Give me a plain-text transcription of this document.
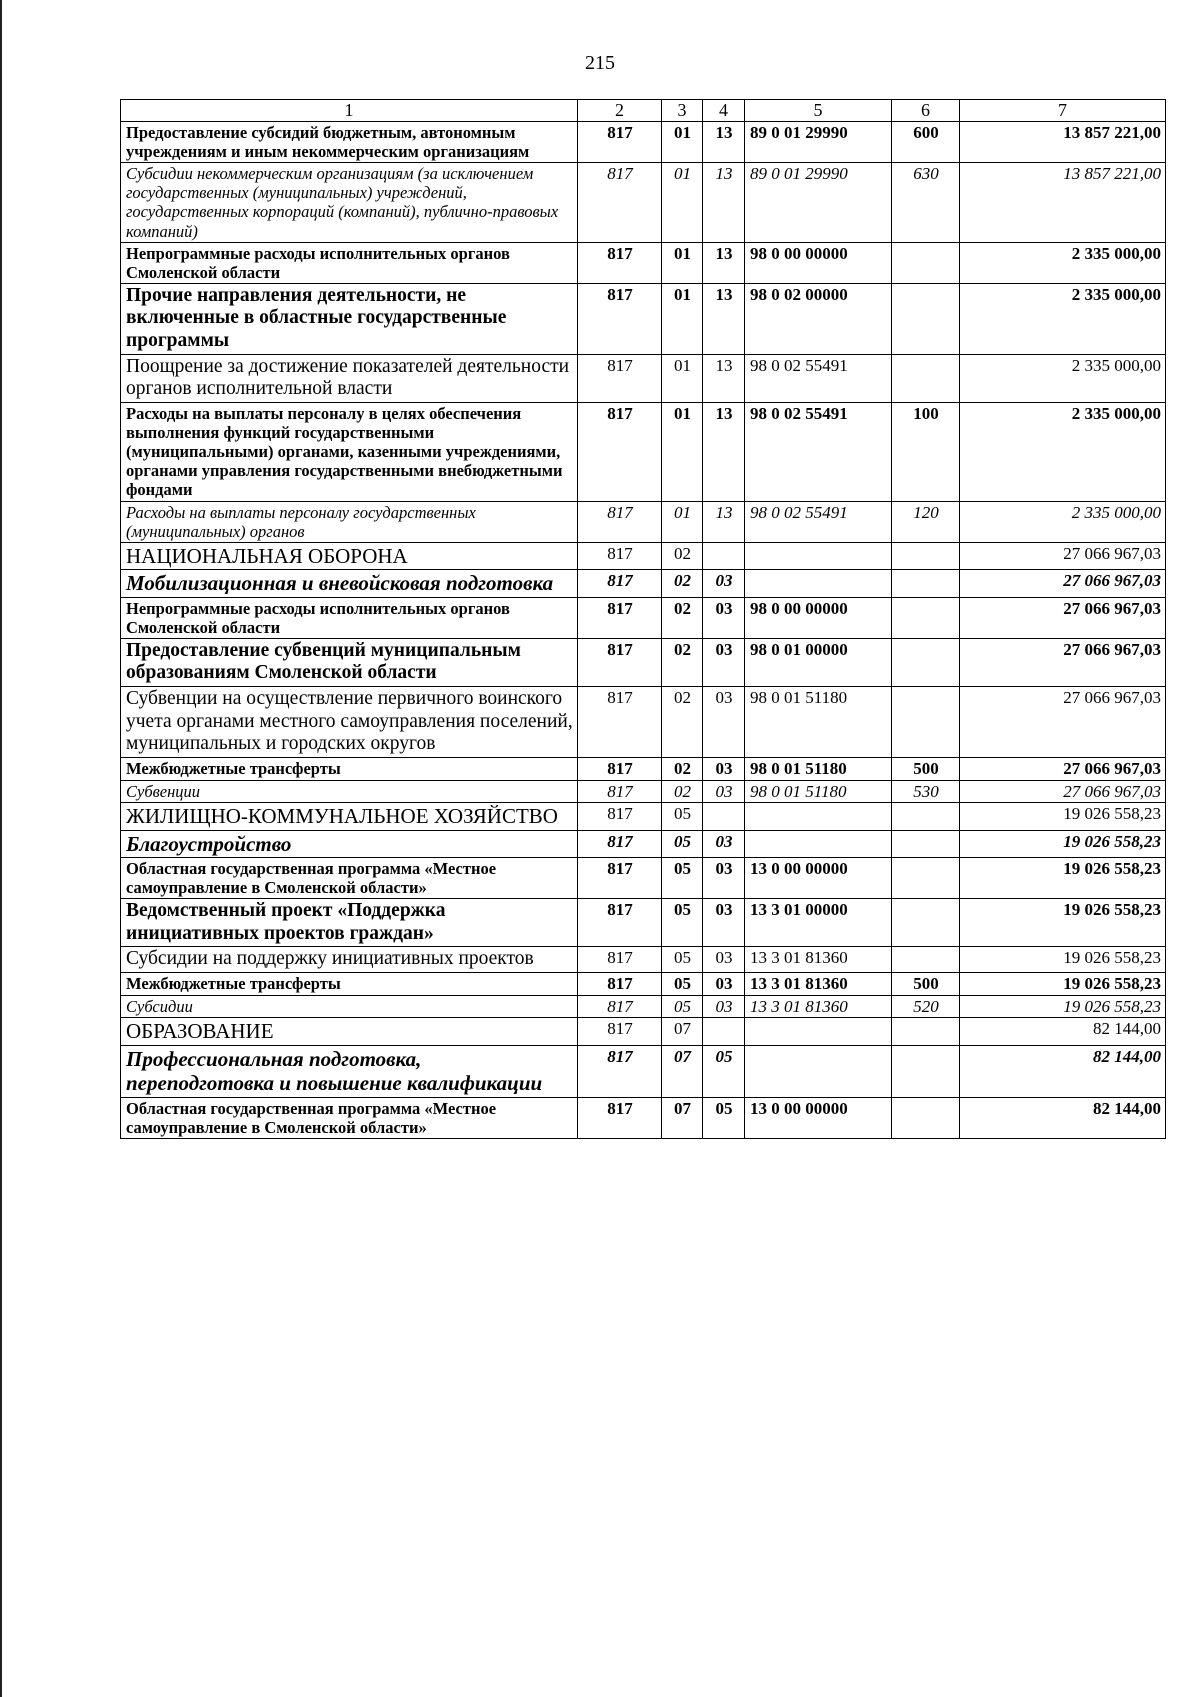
215
1	2	3	4	5	6	7
Предоставление субсидий бюджетным, автономным учреждениям и иным некоммерческим организациям	817	01	13	89 0 01 29990	600	13 857 221,00
Субсидии некоммерческим организациям (за исключением государственных (муниципальных) учреждений, государственных корпораций (компаний), публично-правовых компаний)	817	01	13	89 0 01 29990	630	13 857 221,00
Непрограммные расходы исполнительных органов Смоленской области	817	01	13	98 0 00 00000		2 335 000,00
Прочие направления деятельности, не включенные в областные государственные программы	817	01	13	98 0 02 00000		2 335 000,00
Поощрение за достижение показателей деятельности органов исполнительной власти	817	01	13	98 0 02 55491		2 335 000,00
Расходы на выплаты персоналу в целях обеспечения выполнения функций государственными (муниципальными) органами, казенными учреждениями, органами управления государственными внебюджетными фондами	817	01	13	98 0 02 55491	100	2 335 000,00
Расходы на выплаты персоналу государственных (муниципальных) органов	817	01	13	98 0 02 55491	120	2 335 000,00
НАЦИОНАЛЬНАЯ ОБОРОНА	817	02				27 066 967,03
Мобилизационная и вневойсковая подготовка	817	02	03			27 066 967,03
Непрограммные расходы исполнительных органов Смоленской области	817	02	03	98 0 00 00000		27 066 967,03
Предоставление субвенций муниципальным образованиям Смоленской области	817	02	03	98 0 01 00000		27 066 967,03
Субвенции на осуществление первичного воинского учета органами местного самоуправления поселений, муниципальных и городских округов	817	02	03	98 0 01 51180		27 066 967,03
Межбюджетные трансферты	817	02	03	98 0 01 51180	500	27 066 967,03
Субвенции	817	02	03	98 0 01 51180	530	27 066 967,03
ЖИЛИЩНО-КОММУНАЛЬНОЕ ХОЗЯЙСТВО	817	05				19 026 558,23
Благоустройство	817	05	03			19 026 558,23
Областная государственная программа «Местное самоуправление в Смоленской области»	817	05	03	13 0 00 00000		19 026 558,23
Ведомственный проект «Поддержка инициативных проектов граждан»	817	05	03	13 3 01 00000		19 026 558,23
Субсидии на поддержку инициативных проектов	817	05	03	13 3 01 81360		19 026 558,23
Межбюджетные трансферты	817	05	03	13 3 01 81360	500	19 026 558,23
Субсидии	817	05	03	13 3 01 81360	520	19 026 558,23
ОБРАЗОВАНИЕ	817	07				82 144,00
Профессиональная подготовка, переподготовка и повышение квалификации	817	07	05			82 144,00
Областная государственная программа «Местное самоуправление в Смоленской области»	817	07	05	13 0 00 00000		82 144,00
